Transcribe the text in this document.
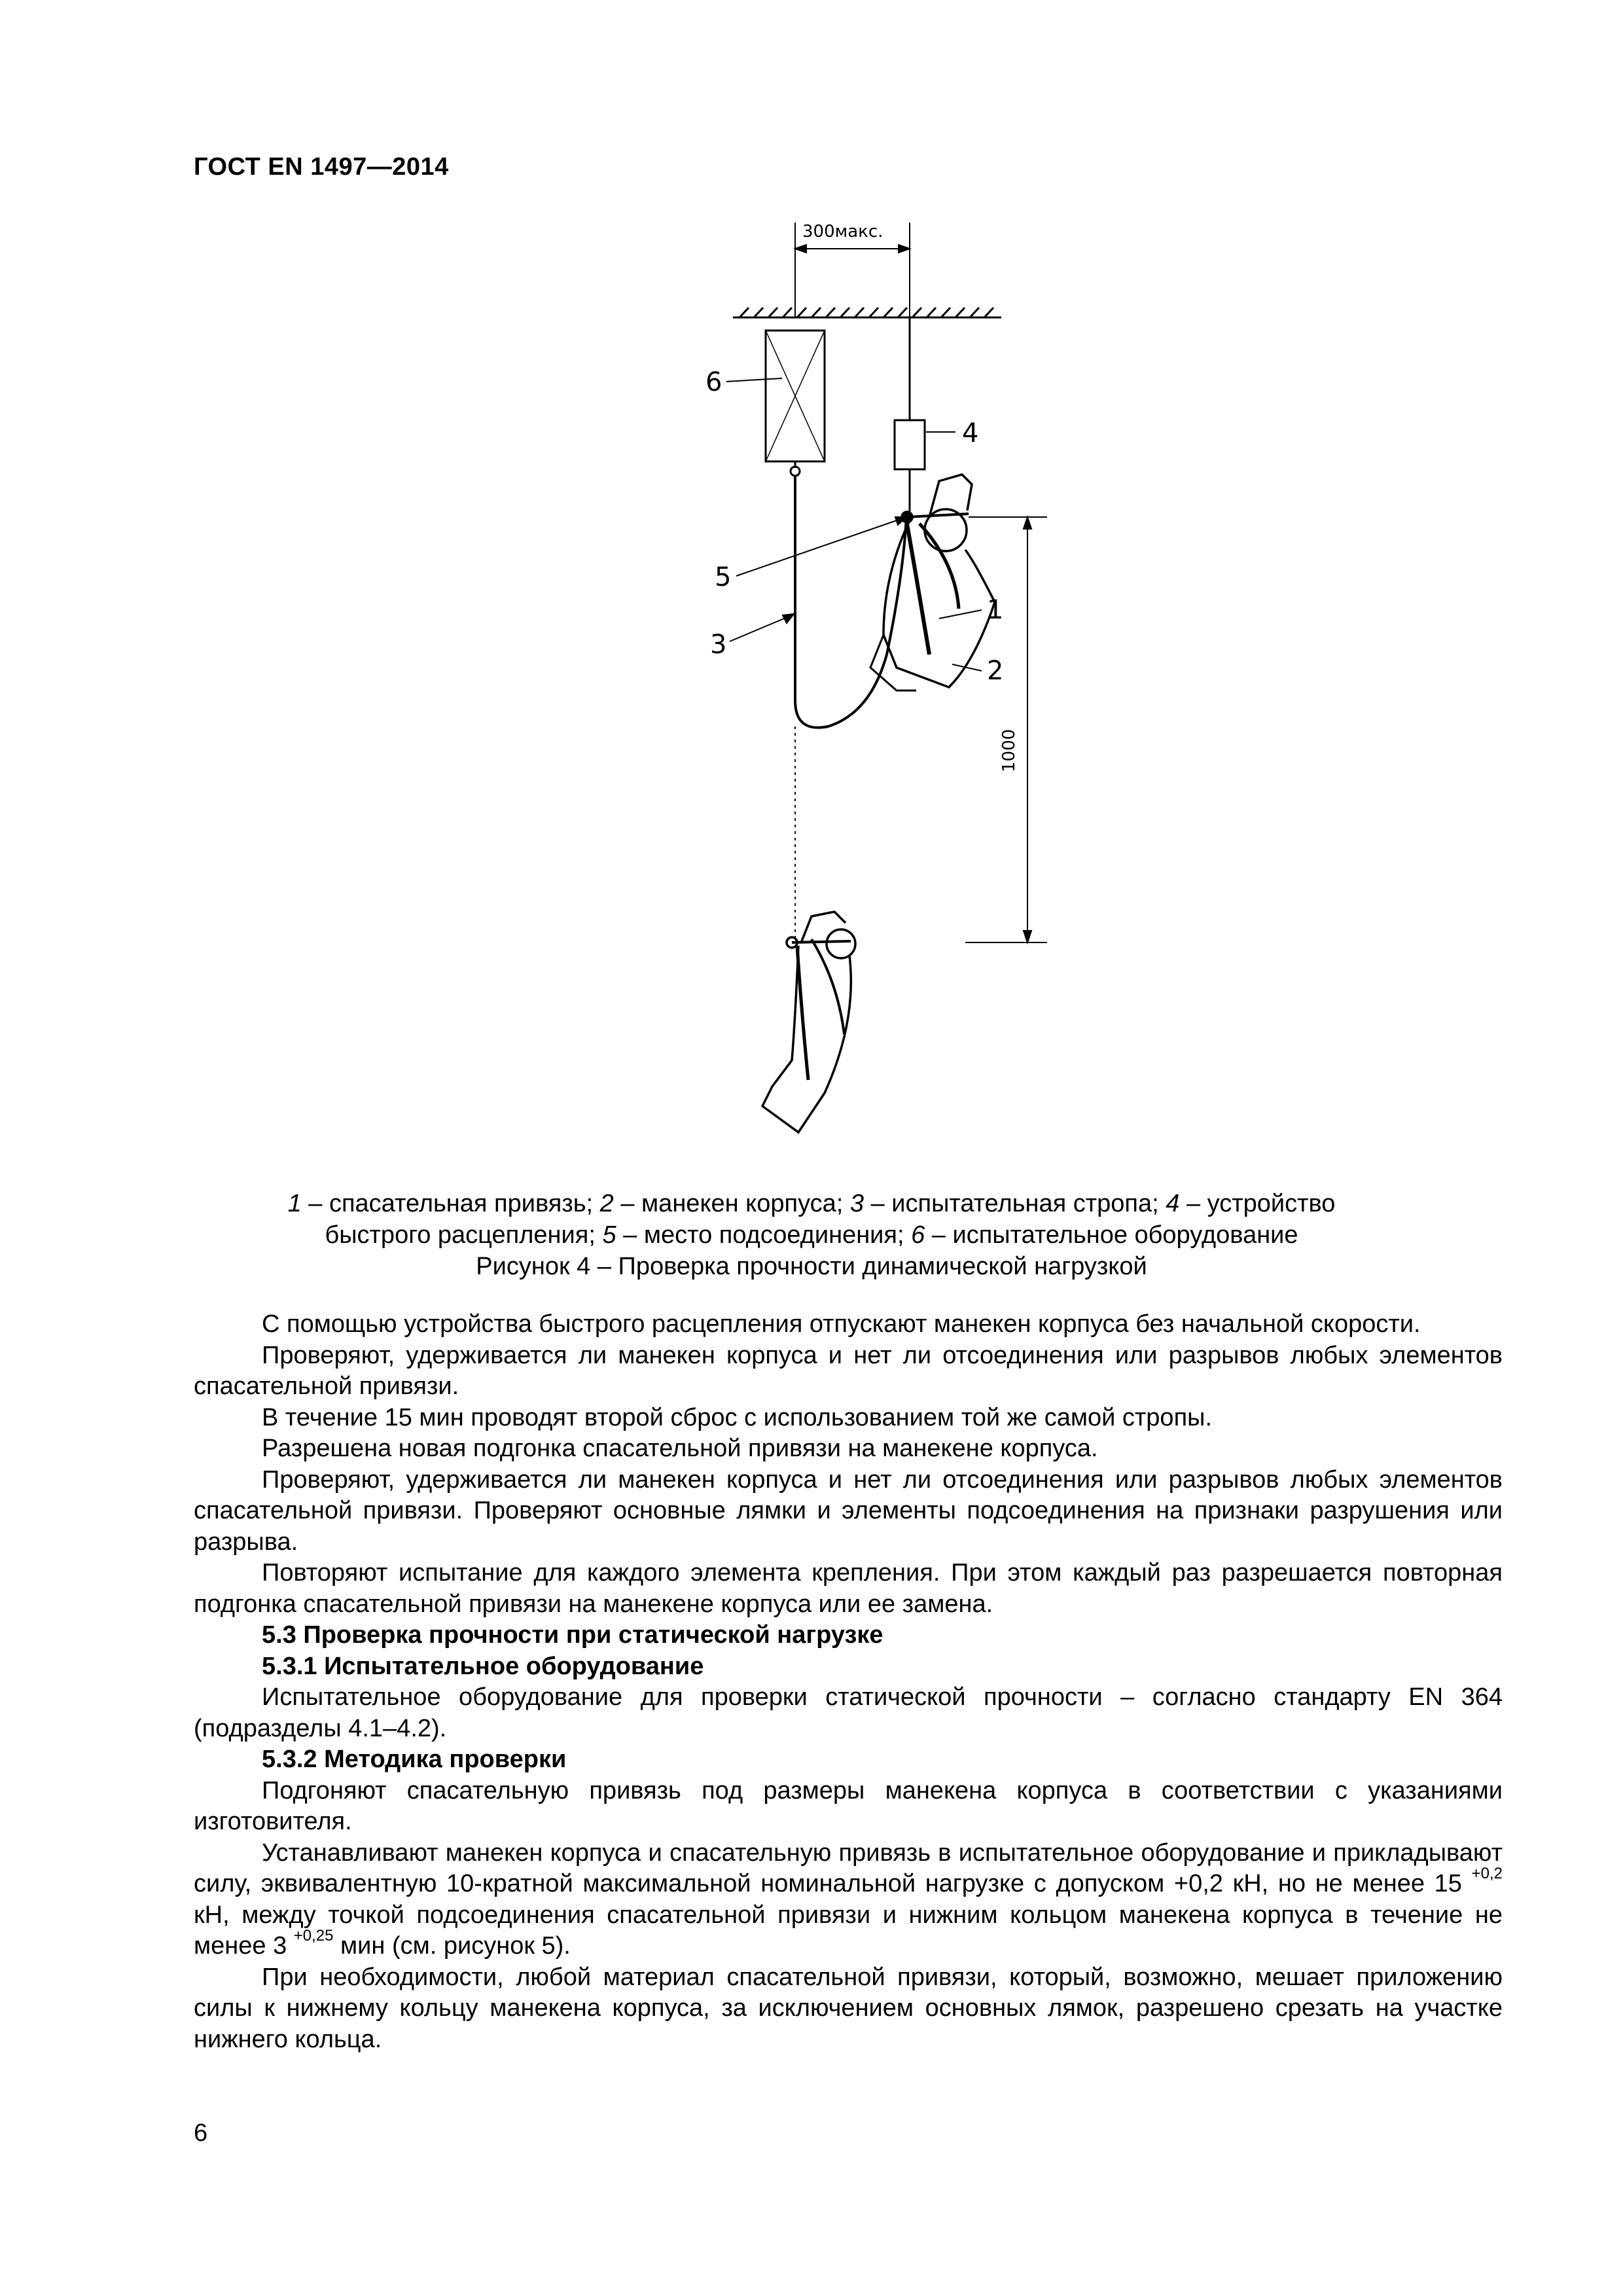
ГОСТ EN 1497—2014
300макс.
1000
6
4
5
3
1
2
1 – спасательная привязь; 2 – манекен корпуса; 3 – испытательная стропа; 4 – устройство быстрого расцепления; 5 – место подсоединения; 6 – испытательное оборудование
Рисунок 4 – Проверка прочности динамической нагрузкой

С помощью устройства быстрого расцепления отпускают манекен корпуса без начальной скорости.

Проверяют, удерживается ли манекен корпуса и нет ли отсоединения или разрывов любых элементов спасательной привязи.

В течение 15 мин проводят второй сброс с использованием той же самой стропы.

Разрешена новая подгонка спасательной привязи на манекене корпуса.

Проверяют, удерживается ли манекен корпуса и нет ли отсоединения или разрывов любых элементов спасательной привязи. Проверяют основные лямки и элементы подсоединения на признаки разрушения или разрыва.

Повторяют испытание для каждого элемента крепления. При этом каждый раз разрешается повторная подгонка спасательной привязи на манекене корпуса или ее замена.

5.3 Проверка прочности при статической нагрузке

5.3.1 Испытательное оборудование

Испытательное оборудование для проверки статической прочности – согласно стандарту EN 364 (подразделы 4.1–4.2).

5.3.2 Методика проверки

Подгоняют спасательную привязь под размеры манекена корпуса в соответствии с указаниями изготовителя.

Устанавливают манекен корпуса и спасательную привязь в испытательное оборудование и прикладывают силу, эквивалентную 10-кратной максимальной номинальной нагрузке с допуском +0,2 кН, но не менее 15 $^{+0,2}$ кН, между точкой подсоединения спасательной привязи и нижним кольцом манекена корпуса в течение не менее 3 $^{+0,25}$ мин (см. рисунок 5).

При необходимости, любой материал спасательной привязи, который, возможно, мешает приложению силы к нижнему кольцу манекена корпуса, за исключением основных лямок, разрешено срезать на участке нижнего кольца.

6
